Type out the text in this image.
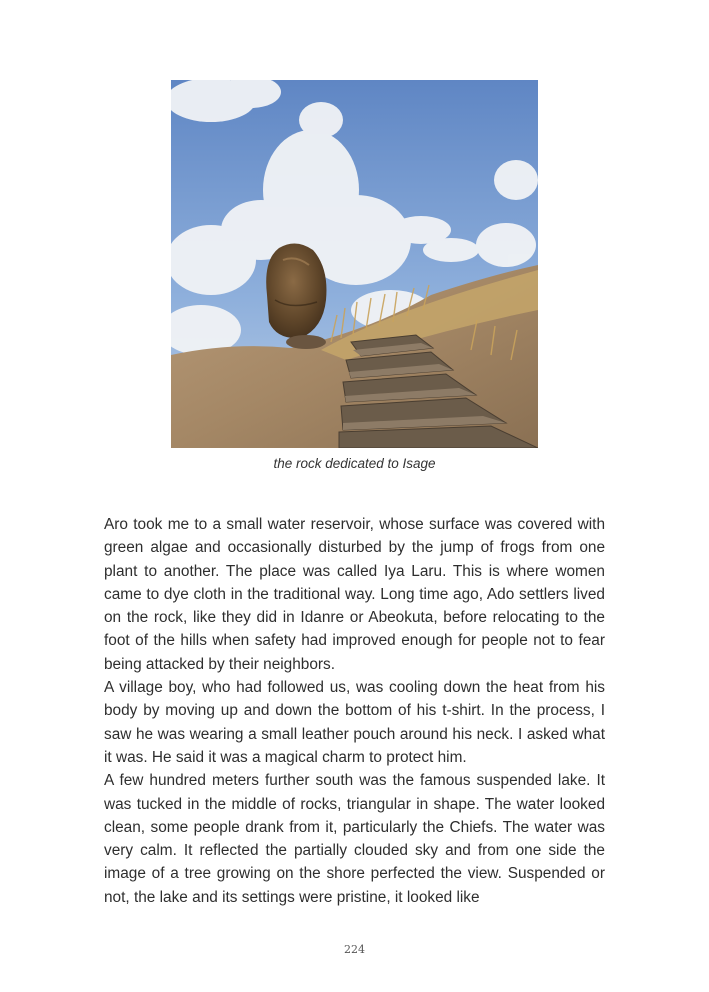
the rock dedicated to Isage

Aro took me to a small water reservoir, whose surface was covered with green algae and occasionally disturbed by the jump of frogs from one plant to another. The place was called Iya Laru. This is where women came to dye cloth in the traditional way. Long time ago, Ado settlers lived on the rock, like they did in Idanre or Abeokuta, before relocating to the foot of the hills when safety had improved enough for people not to fear being attacked by their neighbors.

A village boy, who had followed us, was cooling down the heat from his body by moving up and down the bottom of his t-shirt. In the process, I saw he was wearing a small leather pouch around his neck. I asked what it was. He said it was a magical charm to protect him.

A few hundred meters further south was the famous suspended lake. It was tucked in the middle of rocks, triangular in shape. The water looked clean, some people drank from it, particularly the Chiefs. The water was very calm. It reflected the partially clouded sky and from one side the image of a tree growing on the shore perfected the view. Suspended or not, the lake and its settings were pristine, it looked like

224
